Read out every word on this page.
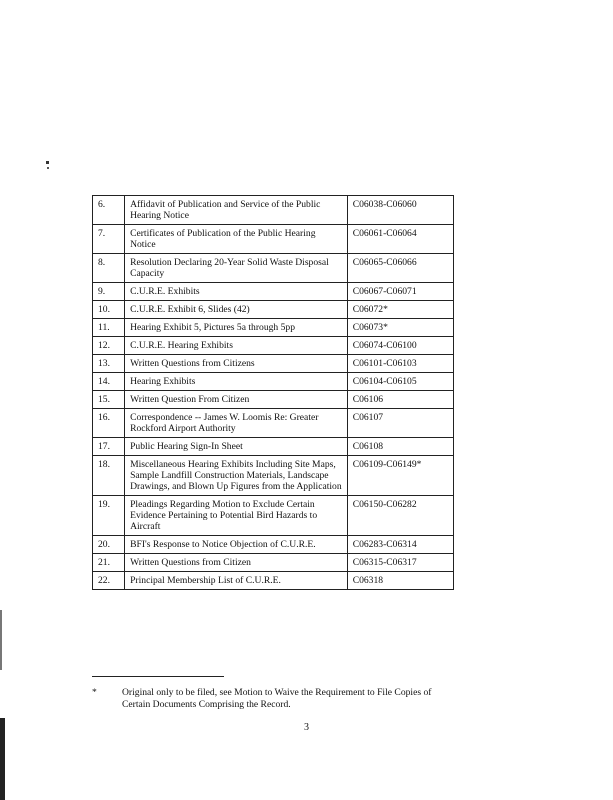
6.	Affidavit of Publication and Service of the Public Hearing Notice	C06038-C06060
7.	Certificates of Publication of the Public Hearing Notice	C06061-C06064
8.	Resolution Declaring 20-Year Solid Waste Disposal Capacity	C06065-C06066
9.	C.U.R.E. Exhibits	C06067-C06071
10.	C.U.R.E. Exhibit 6, Slides (42)	C06072*
11.	Hearing Exhibit 5, Pictures 5a through 5pp	C06073*
12.	C.U.R.E. Hearing Exhibits	C06074-C06100
13.	Written Questions from Citizens	C06101-C06103
14.	Hearing Exhibits	C06104-C06105
15.	Written Question From Citizen	C06106
16.	Correspondence -- James W. Loomis Re: Greater Rockford Airport Authority	C06107
17.	Public Hearing Sign-In Sheet	C06108
18.	Miscellaneous Hearing Exhibits Including Site Maps, Sample Landfill Construction Materials, Landscape Drawings, and Blown Up Figures from the Application	C06109-C06149*
19.	Pleadings Regarding Motion to Exclude Certain Evidence Pertaining to Potential Bird Hazards to Aircraft	C06150-C06282
20.	BFI's Response to Notice Objection of C.U.R.E.	C06283-C06314
21.	Written Questions from Citizen	C06315-C06317
22.	Principal Membership List of C.U.R.E.	C06318
*	Original only to be filed, see Motion to Waive the Requirement to File Copies of Certain Documents Comprising the Record.
3
